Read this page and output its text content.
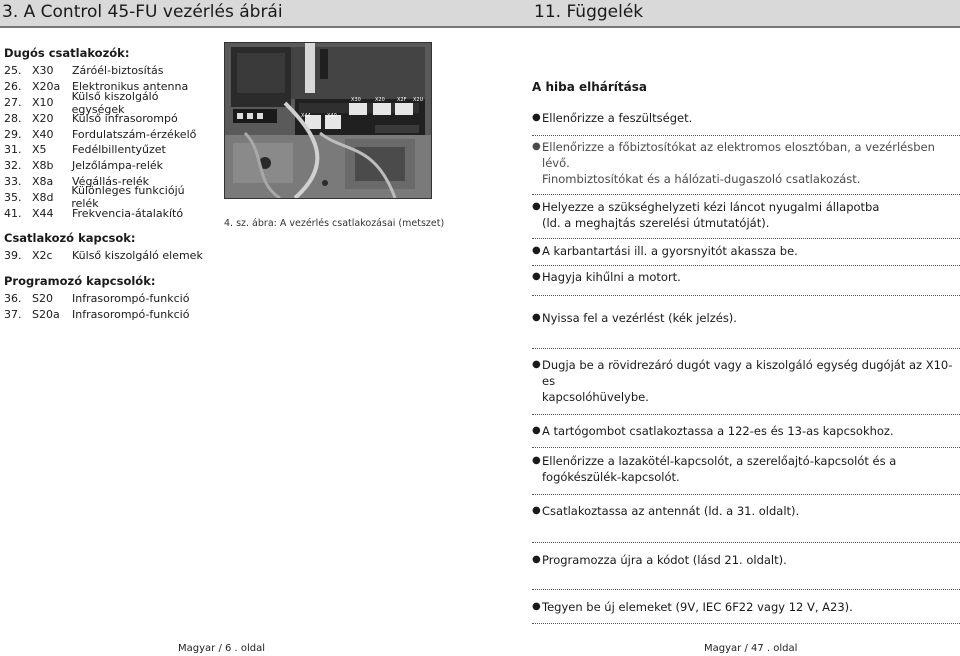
3. A Control 45-FU vezérlés ábrái
Dugós csatlakozók:
25. X30 Záróél-biztosítás
26. X20a Elektronikus antenna
27. X10 Külső kiszolgáló egységek
28. X20 Külső infrasorompó
29. X40 Fordulatszám-érzékelő
31. X5 Fedélbillentyűzet
32. X8b Jelzőlámpa-relék
33. X8a Végállás-relék
35. X8d Különleges funkciójú relék
41. X44 Frekvencia-átalakító
Csatlakozó kapcsok:
39. X2c Külső kiszolgáló elemek
Programozó kapcsolók:
36. S20 Infrasorompó-funkció
37. S20a Infrasorompó-funkció
X44	X40
X30	X20 X2F X2U
4. sz. ábra: A vezérlés csatlakozásai (metszet)
Magyar / 6 . oldal
11. Függelék
A hiba elhárítása
● Ellenőrizze a feszültséget.
● Ellenőrizze a főbiztosítókat az elektromos elosztóban, a vezérlésben lévő.
Finombiztosítókat és a hálózati-dugaszoló csatlakozást.
● Helyezze a szükséghelyzeti kézi láncot nyugalmi állapotba
(ld. a meghajtás szerelési útmutatóját).
● A karbantartási ill. a gyorsnyitót akassza be.
● Hagyja kihűlni a motort.
● Nyissa fel a vezérlést (kék jelzés).
● Dugja be a rövidrezáró dugót vagy a kiszolgáló egység dugóját az X10-es
kapcsolóhüvelybe.
● A tartógombot csatlakoztassa a 122-es és 13-as kapcsokhoz.
● Ellenőrizze a lazakötél-kapcsolót, a szerelőajtó-kapcsolót és a
fogókészülék-kapcsolót.
● Csatlakoztassa az antennát (ld. a 31. oldalt).
● Programozza újra a kódot (lásd 21. oldalt).
● Tegyen be új elemeket (9V, IEC 6F22 vagy 12 V, A23).
Magyar / 47 . oldal
